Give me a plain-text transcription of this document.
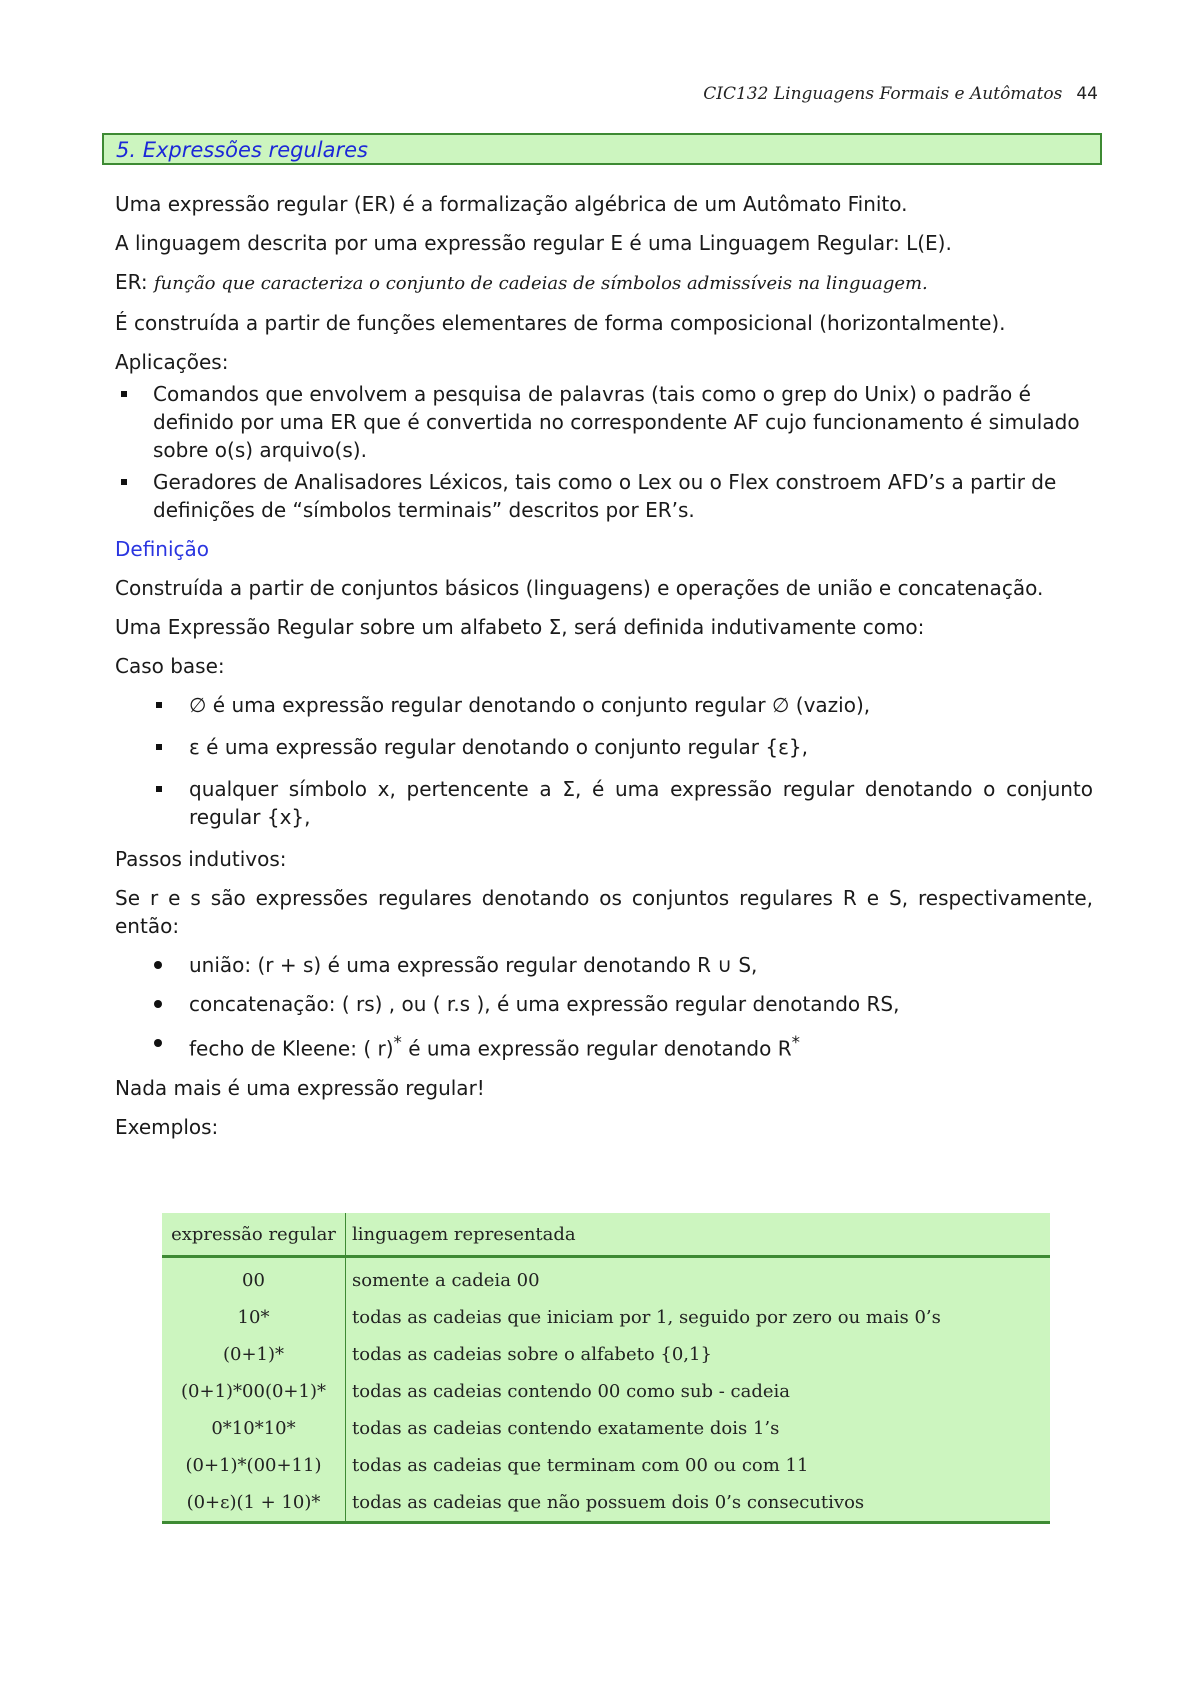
CIC132 Linguagens Formais e Autômatos 44
5. Expressões regulares

Uma expressão regular (ER) é a formalização algébrica de um Autômato Finito.

A linguagem descrita por uma expressão regular E é uma Linguagem Regular: L(E).

ER: função que caracteriza o conjunto de cadeias de símbolos admissíveis na linguagem.

É construída a partir de funções elementares de forma composicional (horizontalmente).

Aplicações:

Comandos que envolvem a pesquisa de palavras (tais como o grep do Unix) o padrão é definido por uma ER que é convertida no correspondente AF cujo funcionamento é simulado sobre o(s) arquivo(s).
Geradores de Analisadores Léxicos, tais como o Lex ou o Flex constroem AFD’s a partir de definições de “símbolos terminais” descritos por ER’s.

Definição

Construída a partir de conjuntos básicos (linguagens) e operações de união e concatenação.

Uma Expressão Regular sobre um alfabeto Σ, será definida indutivamente como:

Caso base:

∅ é uma expressão regular denotando o conjunto regular ∅ (vazio),
ε é uma expressão regular denotando o conjunto regular {ε},
qualquer símbolo x, pertencente a Σ, é uma expressão regular denotando o conjunto regular {x},

Passos indutivos:

Se r e s são expressões regulares denotando os conjuntos regulares R e S, respectivamente, então:

união: (r + s) é uma expressão regular denotando R ∪ S,
concatenação: ( rs) , ou ( r.s ), é uma expressão regular denotando RS,
fecho de Kleene: ( r)* é uma expressão regular denotando R*

Nada mais é uma expressão regular!

Exemplos:

expressão regular	linguagem representada
00	somente a cadeia 00
10*	todas as cadeias que iniciam por 1, seguido por zero ou mais 0’s
(0+1)*	todas as cadeias sobre o alfabeto {0,1}
(0+1)*00(0+1)*	todas as cadeias contendo 00 como sub - cadeia
0*10*10*	todas as cadeias contendo exatamente dois 1’s
(0+1)*(00+11)	todas as cadeias que terminam com 00 ou com 11
(0+ε)(1 + 10)*	todas as cadeias que não possuem dois 0’s consecutivos
